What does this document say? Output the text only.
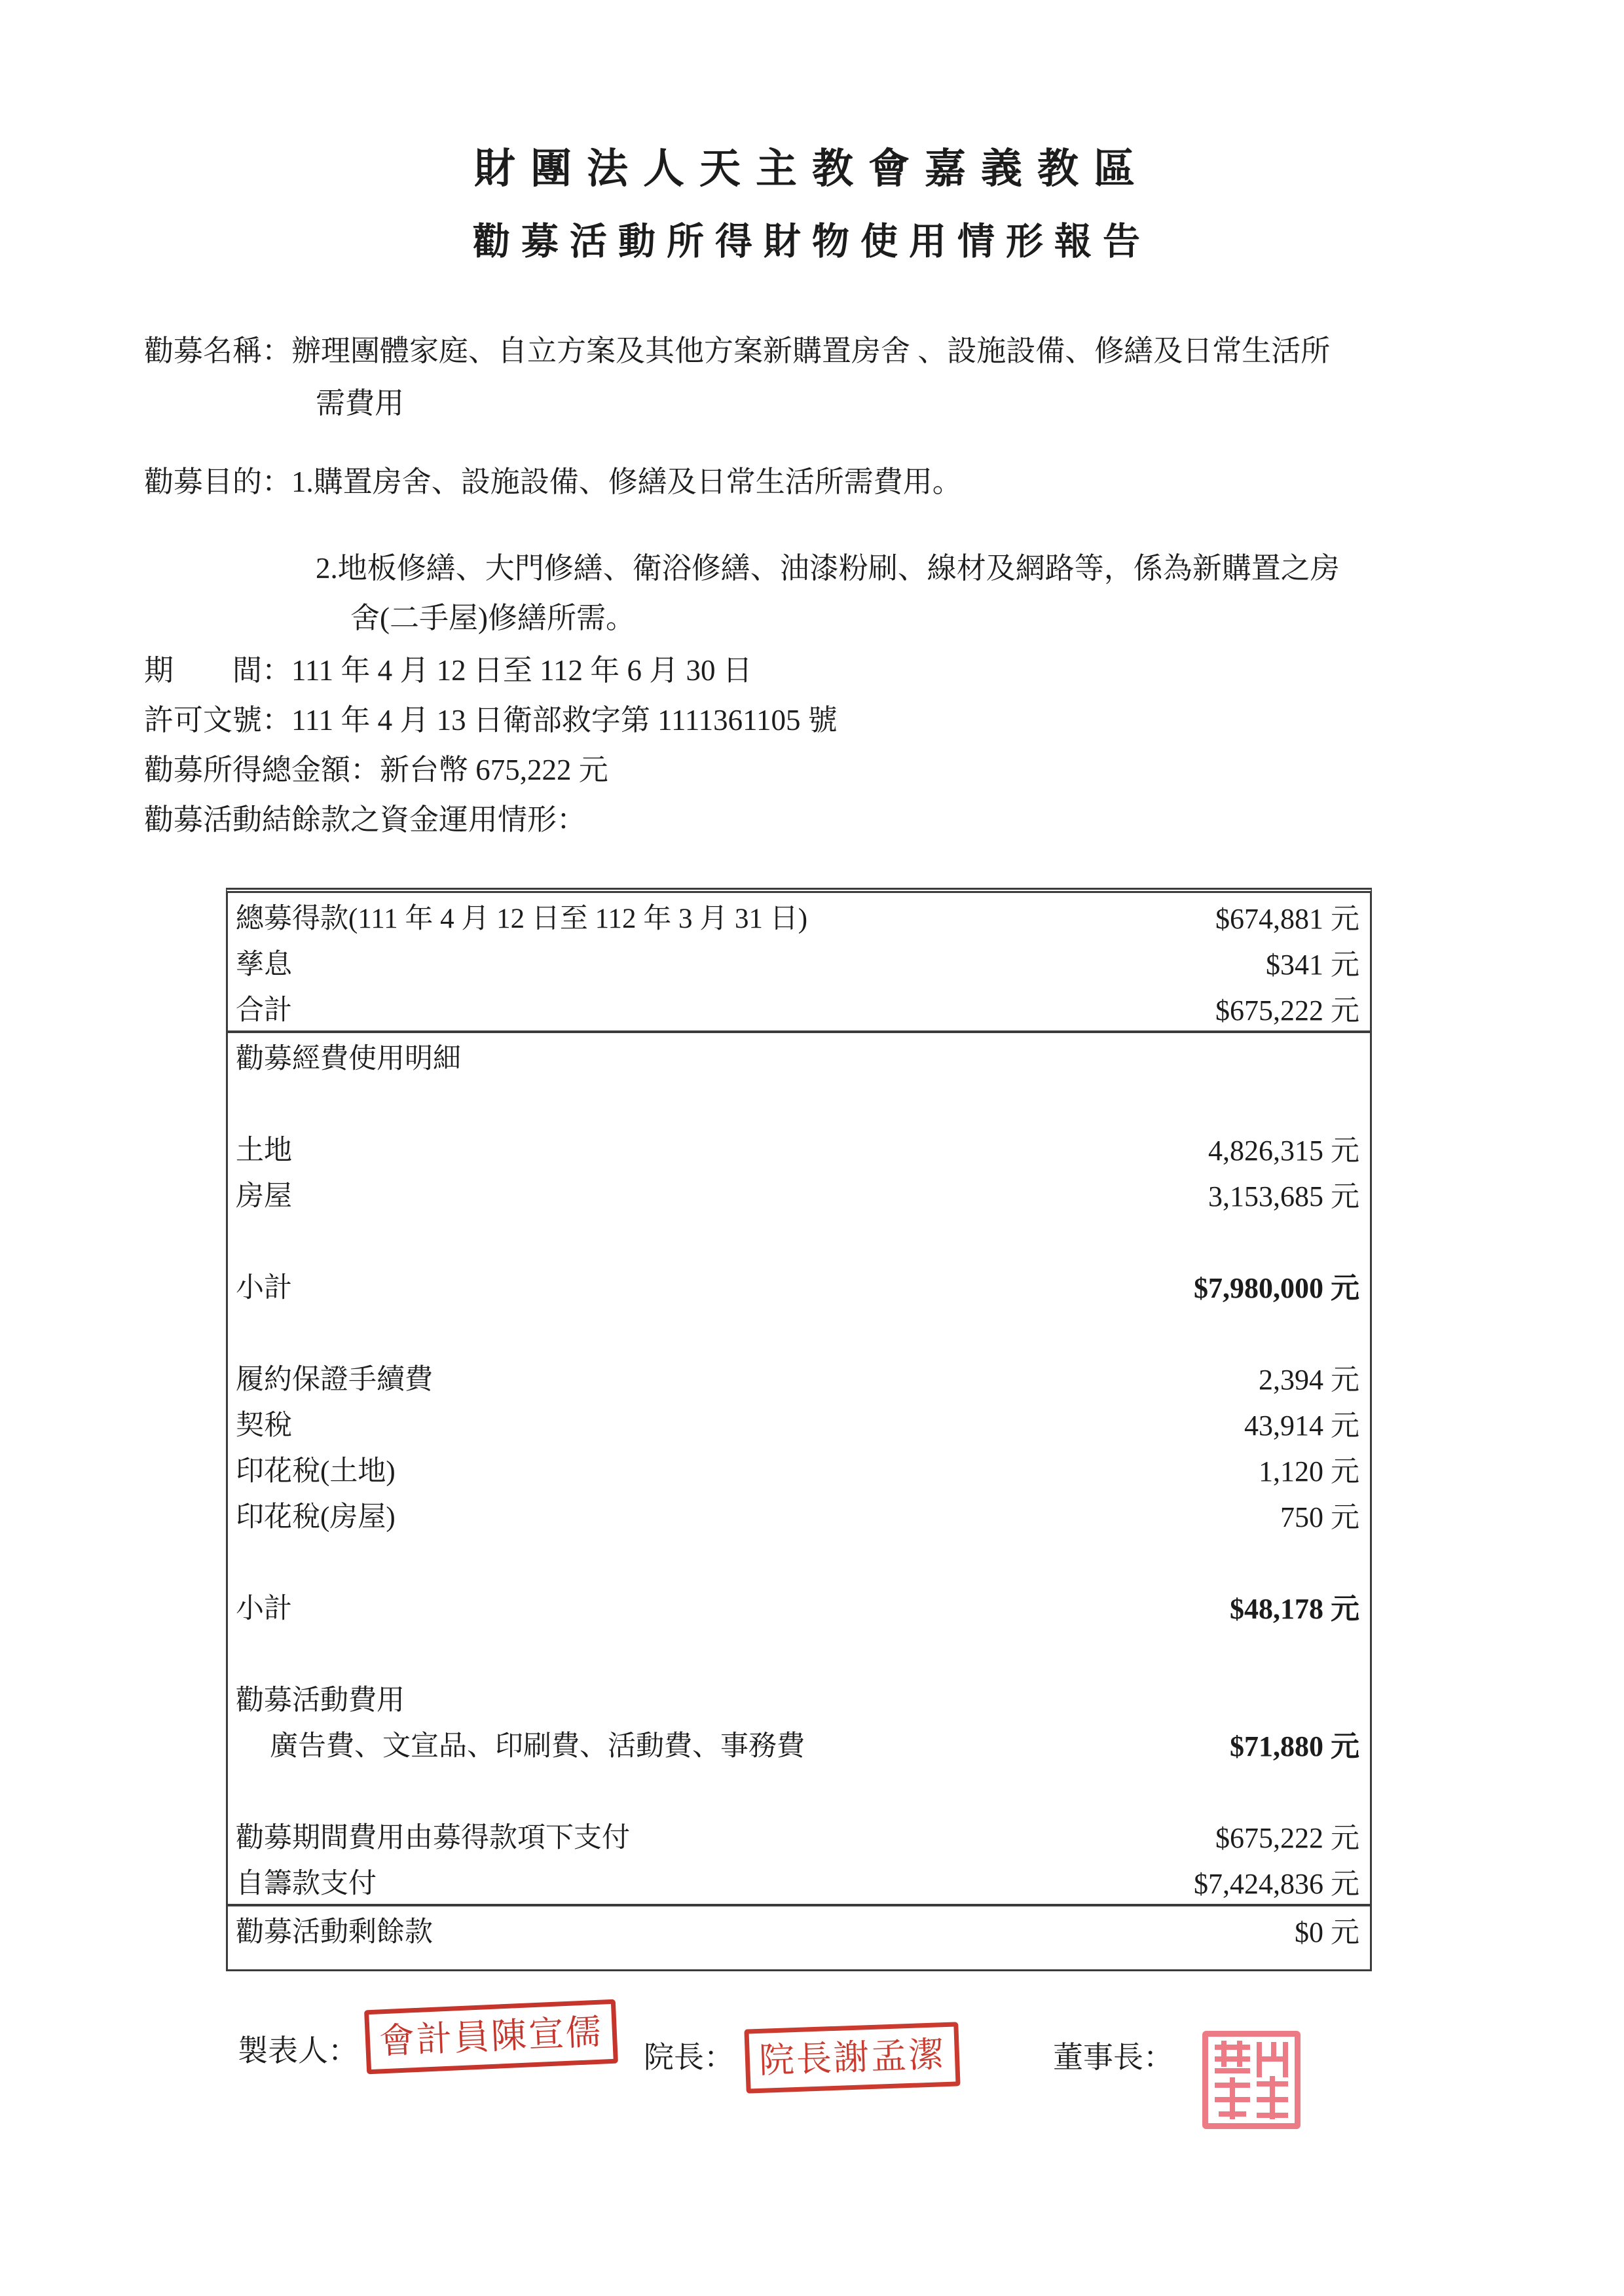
財團法人天主教會嘉義教區
勸募活動所得財物使用情形報告
勸募名稱：辦理團體家庭、自立方案及其他方案新購置房舍 、設施設備、修繕及日常生活所
需費用
勸募目的：1.購置房舍、設施設備、修繕及日常生活所需費用。
2.地板修繕、大門修繕、衛浴修繕、油漆粉刷、線材及網路等，係為新購置之房
舍(二手屋)修繕所需。
期　　間：111 年 4 月 12 日至 112 年 6 月 30 日
許可文號：111 年 4 月 13 日衛部救字第 1111361105 號
勸募所得總金額：新台幣 675,222 元
勸募活動結餘款之資金運用情形：
總募得款(111 年 4 月 12 日至 112 年 3 月 31 日)	$674,881 元
孳息	$341 元
合計	$675,222 元
勸募經費使用明細
土地	4,826,315 元
房屋	3,153,685 元
小計	$7,980,000 元
履約保證手續費	2,394 元
契稅	43,914 元
印花稅(土地)	1,120 元
印花稅(房屋)	750 元
小計	$48,178 元
勸募活動費用
廣告費、文宣品、印刷費、活動費、事務費	$71,880 元
勸募期間費用由募得款項下支付	$675,222 元
自籌款支付	$7,424,836 元
勸募活動剩餘款	$0 元
製表人： 會計員陳宣儒	院長： 院長謝孟潔	董事長：
